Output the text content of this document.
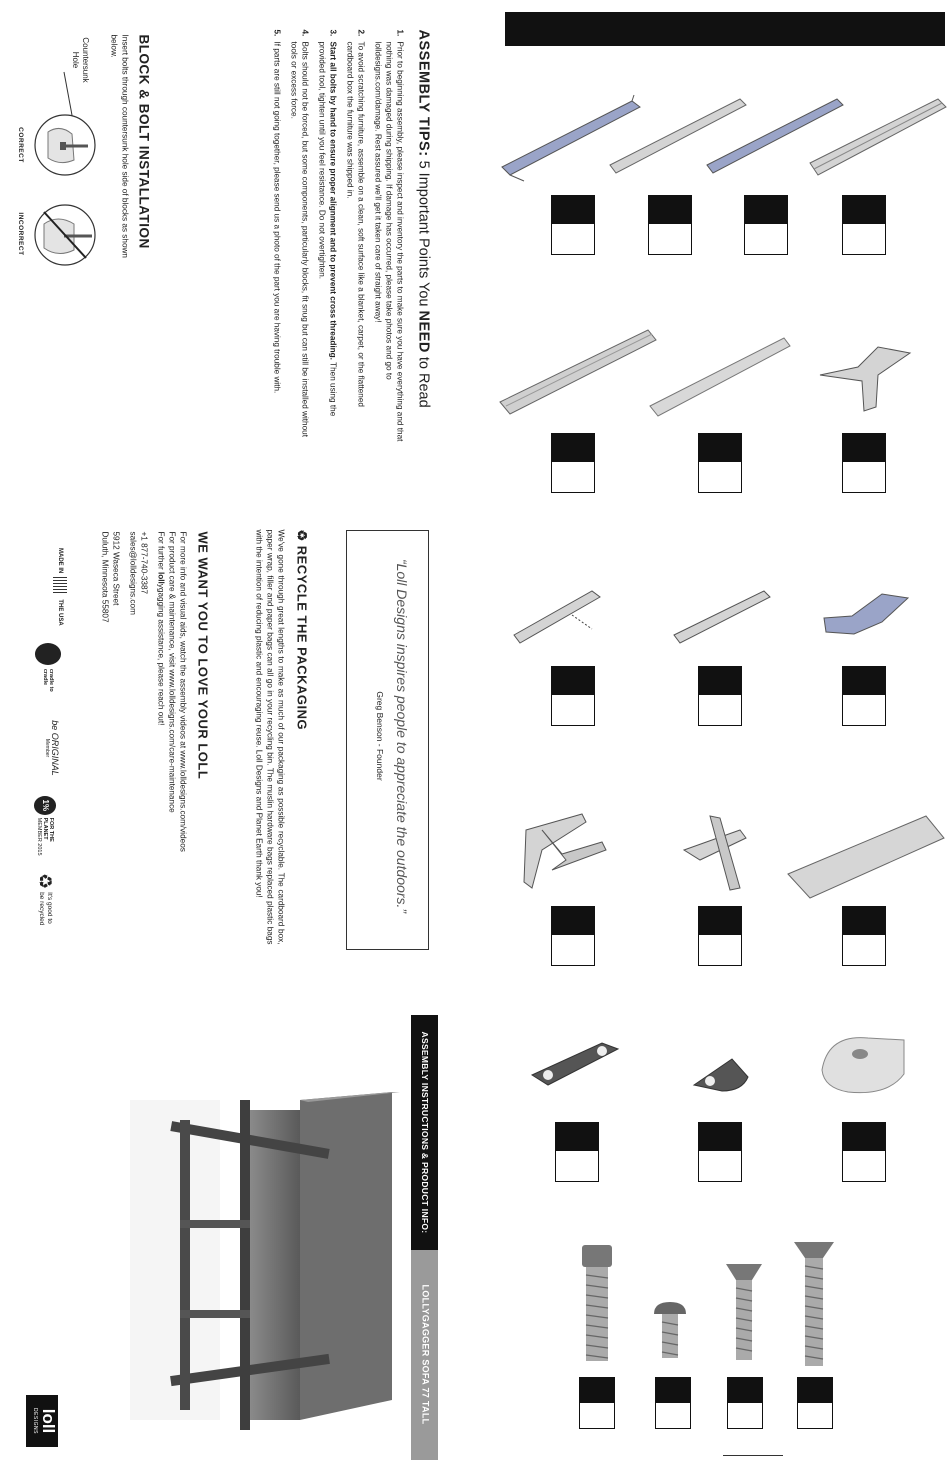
ASSEMBLY TIPS: 5 Important Points You NEED to Read
1.
Prior to beginning assembly, please inspect and inventory the parts to make sure you have everything and that nothing was damaged during shipping. If damage has occurred, please take photos and go to lolldesigns.com/damage. Rest assured we'll get it taken care of straight away!
2.
To avoid scratching furniture, assemble on a clean, soft surface like a blanket, carpet, or the flattened cardboard box the furniture was shipped in.
3.
Start all bolts by hand to ensure proper alignment and to prevent cross threading. Then using the provided tool, tighten until you feel resistance. Do not overtighten.
4.
Bolts should not be forced, but some components, particularly blocks, fit snug but can still be installed without tools or excess force.
5.
If parts are still not going together, please send us a photo of the part you are having trouble with.
BLOCK & BOLT INSTALLATION
Insert bolts through countersunk hole side of blocks as shown below.
Countersunk Hole
CORRECT
INCORRECT
“Loll Designs inspires people to appreciate the outdoors.”
Greg Benson - Founder
♻ RECYCLE THE PACKAGING
We've gone through great lengths to make as much of our packaging as possible recyclable. The cardboard box, paper wrap, filler and paper bags can all go in your recycling bin. The muslin hardware bags replaced plastic bags with the intention of reducing plastic and encouraging reuse. Loll Designs and Planet Earth thank you!
WE WANT YOU TO LOVE YOUR LOLL
For more info and visual aids, watch the assembly videos at www.lolldesigns.com/videos
For product care & maintenance, visit www.lolldesigns.com/care-maintenance
For further lollygagging assistance, please reach out!
+1 877-740-3387
sales@lolldesigns.com
5912 Waseca Street
Duluth, Minnesota 55807
MADE IN
THE USA
cradle to cradle
be ORIGINAL
Member
1%
FOR THE PLANET
MEMBER 2015
♻
It's good to
be recycled
ASSEMBLY INSTRUCTIONS & PRODUCT INFO:
LOLLYGAGGER SOFA 77 TALL
loll
DESIGNS
